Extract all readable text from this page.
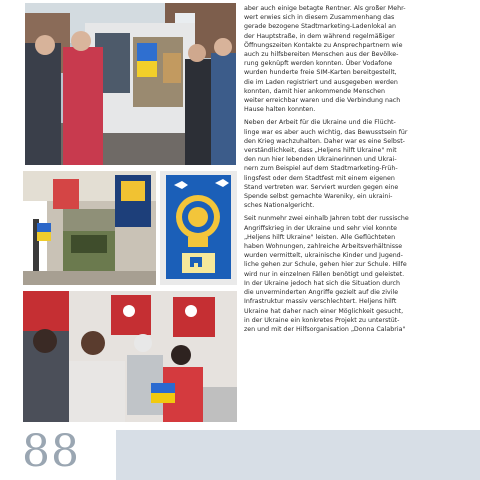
aber auch einige betagte Rentner. Als großer Mehr-
wert erwies sich in diesem Zusammenhang das
gerade bezogene Stadtmarketing-Ladenlokal an
der Hauptstraße, in dem während regelmäßiger
Öffnungszeiten Kontakte zu Ansprechpartnern wie
auch zu hilfsbereiten Menschen aus der Bevölke-
rung geknüpft werden konnten. Über Vodafone
wurden hunderte freie SIM-Karten bereitgestellt,
die im Laden registriert und ausgegeben werden
konnten, damit hier ankommende Menschen
weiter erreichbar waren und die Verbindung nach
Hause halten konnten.

Neben der Arbeit für die Ukraine und die Flücht-
linge war es aber auch wichtig, das Bewusstsein für
den Krieg wachzuhalten. Daher war es eine Selbst-
verständlichkeit, dass „Heljens hilft Ukraine" mit
den nun hier lebenden Ukrainerinnen und Ukrai-
nern zum Beispiel auf dem Stadtmarketing-Früh-
lingsfest oder dem Stadtfest mit einem eigenen
Stand vertreten war. Serviert wurden gegen eine
Spende selbst gemachte Wareniky, ein ukraini-
sches Nationalgericht.

Seit nunmehr zwei einhalb Jahren tobt der russische
Angriffskrieg in der Ukraine und sehr viel konnte
„Heljens hilft Ukraine" leisten. Alle Geflüchteten
haben Wohnungen, zahlreiche Arbeitsverhältnisse
wurden vermittelt, ukrainische Kinder und Jugend-
liche gehen zur Schule, gehen hier zur Schule. Hilfe
wird nur in einzelnen Fällen benötigt und geleistet.
In der Ukraine jedoch hat sich die Situation durch
die unverminderten Angriffe gezielt auf die zivile
Infrastruktur massiv verschlechtert. Heljens hilft
Ukraine hat daher nach einer Möglichkeit gesucht,
in der Ukraine ein konkretes Projekt zu unterstüt-
zen und mit der Hilfsorganisation „Donna Calabria"

88
